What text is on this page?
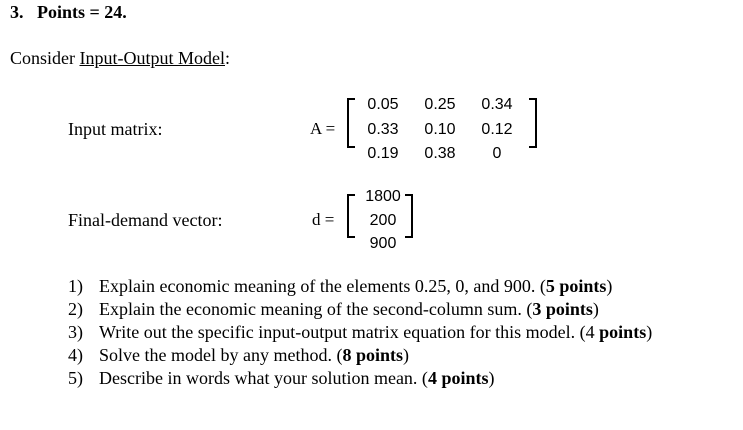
3. Points = 24.
Consider Input-Output Model:
Input matrix:	A =
0.05	0.25	0.34
0.33	0.10	0.12
0.19	0.38	0
Final-demand vector:	d =
1800
200
900
1) Explain economic meaning of the elements 0.25, 0, and 900. (5 points)
2) Explain the economic meaning of the second-column sum. (3 points)
3) Write out the specific input-output matrix equation for this model. (4 points)
4) Solve the model by any method. (8 points)
5) Describe in words what your solution mean. (4 points)
